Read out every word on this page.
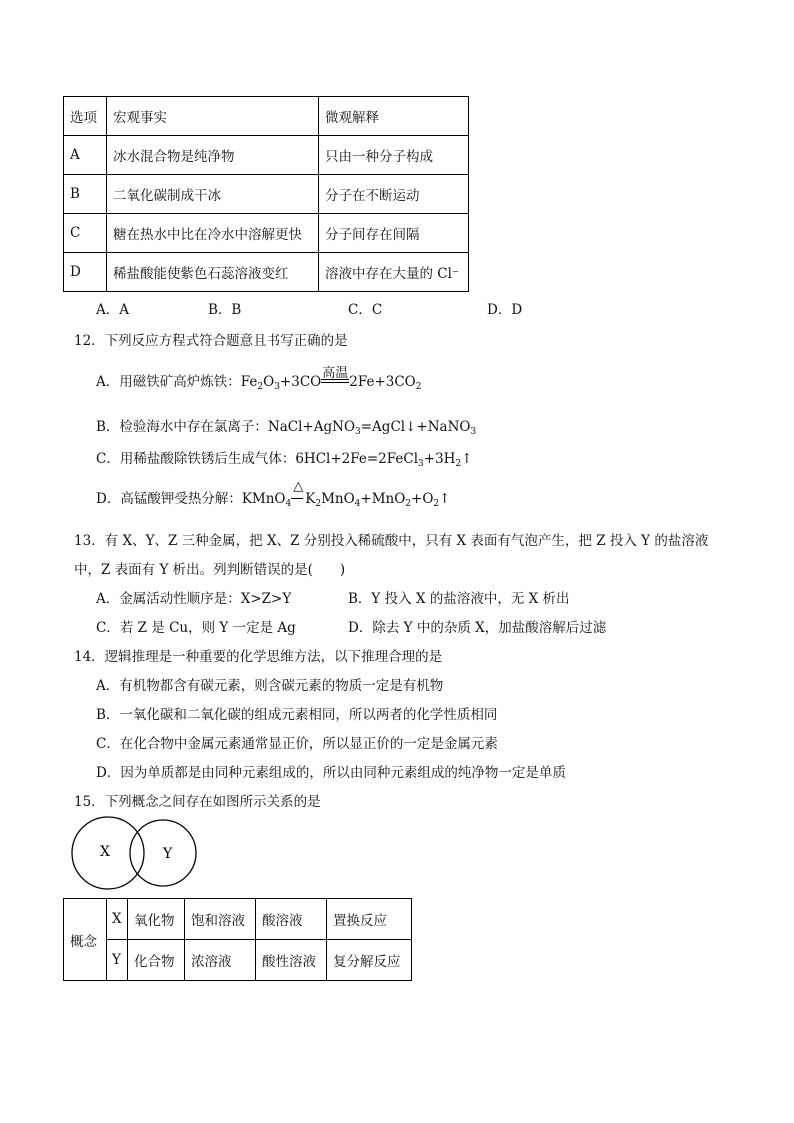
选项	宏观事实	微观解释
A	冰水混合物是纯净物	只由一种分子构成
B	二氧化碳制成干冰	分子在不断运动
C	糖在热水中比在冷水中溶解更快	分子间存在间隔
D	稀盐酸能使紫色石蕊溶液变红	溶液中存在大量的 Cl⁻
A．A	B．B	C．C	D．D
12．下列反应方程式符合题意且书写正确的是
A．用磁铁矿高炉炼铁：$Fe_2O_3+3CO$
高温
$2Fe+3CO_2$
B．检验海水中存在氯离子：NaCl+AgNO$_3$=AgCl↓+NaNO$_3$
C．用稀盐酸除铁锈后生成气体：$6HCl+2Fe=2FeCl_3+3H_2↑$
D．高锰酸钾受热分解：KMnO$_4$
△
$K_2MnO_4+MnO_2+O_2↑$
13．有 X、Y、Z 三种金属，把 X、Z 分别投入稀硫酸中，只有 X 表面有气泡产生，把 Z 投入 Y 的盐溶液
中，Z 表面有 Y 析出。列判断错误的是(　　)
A．金属活动性顺序是：X>Z>Y	B．Y 投入 X 的盐溶液中，无 X 析出
C．若 Z 是 Cu，则 Y 一定是 Ag	D．除去 Y 中的杂质 X，加盐酸溶解后过滤
14．逻辑推理是一种重要的化学思维方法，以下推理合理的是
A．有机物都含有碳元素，则含碳元素的物质一定是有机物
B．一氧化碳和二氧化碳的组成元素相同，所以两者的化学性质相同
C．在化合物中金属元素通常显正价，所以显正价的一定是金属元素
D．因为单质都是由同种元素组成的，所以由同种元素组成的纯净物一定是单质
15．下列概念之间存在如图所示关系的是
X	Y
概念	X	氧化物	饱和溶液	酸溶液	置换反应
	Y	化合物	浓溶液	酸性溶液	复分解反应
